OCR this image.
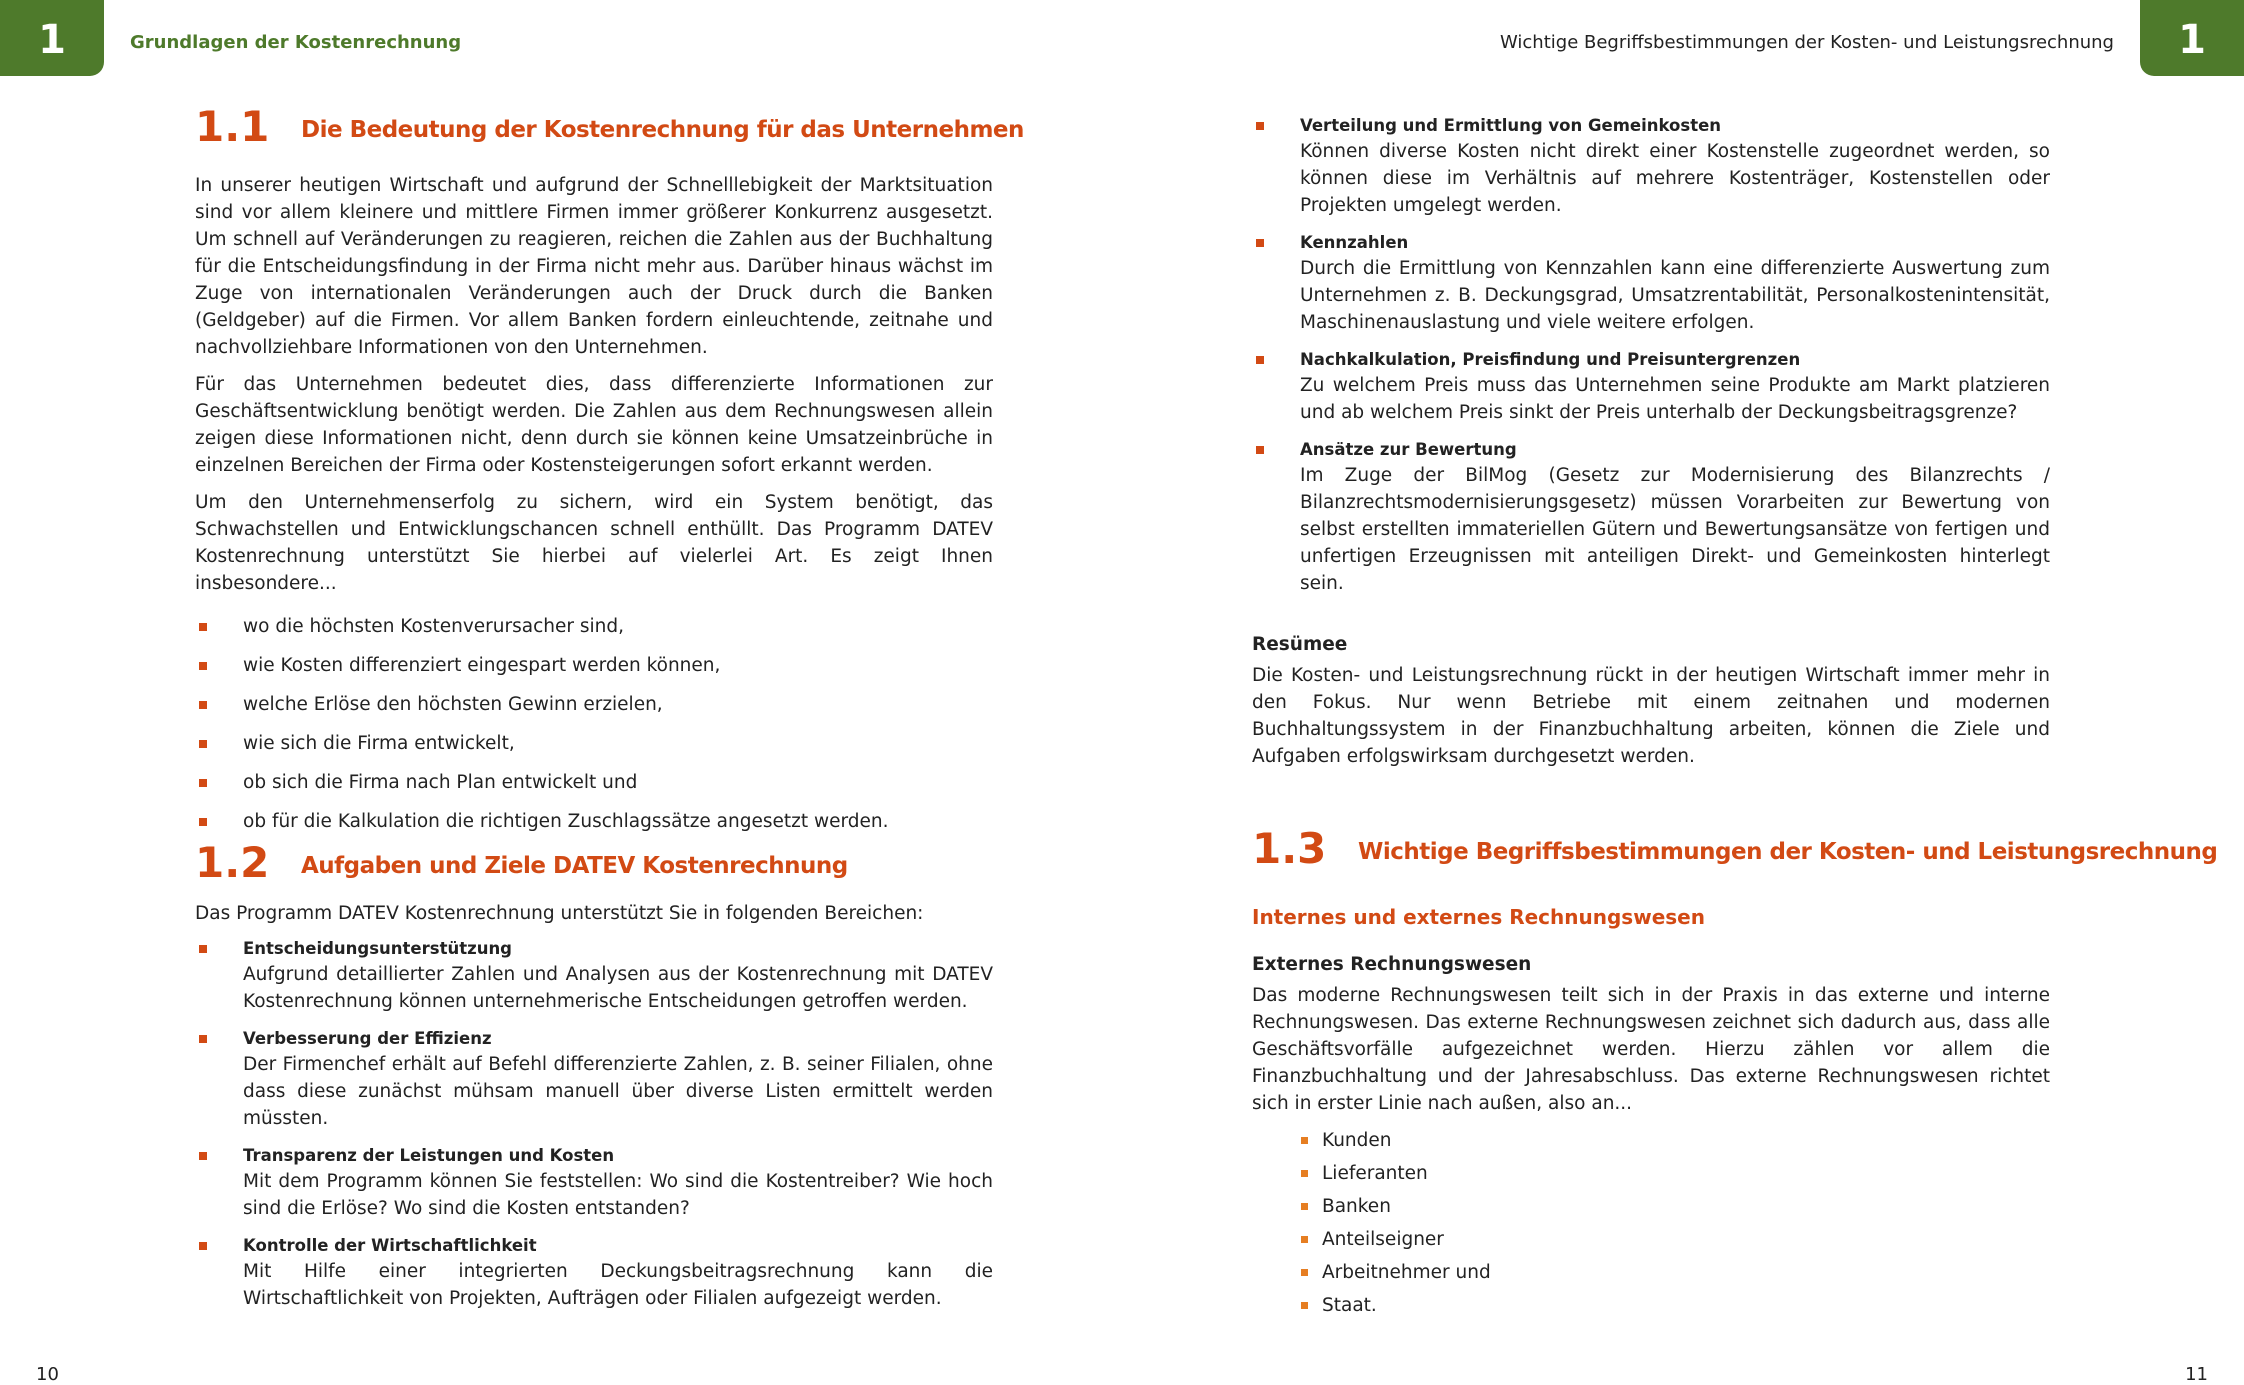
1	Grundlagen der Kostenrechnung	Wichtige Begriffsbestimmungen der Kosten- und Leistungsrechnung	1
1.1 Die Bedeutung der Kostenrechnung für das Unternehmen

In unserer heutigen Wirtschaft und aufgrund der Schnelllebigkeit der Marktsituation sind vor allem kleinere und mittlere Firmen immer größerer Konkurrenz ausgesetzt. Um schnell auf Veränderungen zu reagieren, reichen die Zahlen aus der Buchhaltung für die Entscheidungsfindung in der Firma nicht mehr aus. Darüber hinaus wächst im Zuge von internationalen Veränderungen auch der Druck durch die Banken (Geldgeber) auf die Firmen. Vor allem Banken fordern einleuchtende, zeitnahe und nachvollziehbare Informationen von den Unternehmen.

Für das Unternehmen bedeutet dies, dass differenzierte Informationen zur Geschäftsentwicklung benötigt werden. Die Zahlen aus dem Rechnungswesen allein zeigen diese Informationen nicht, denn durch sie können keine Umsatzeinbrüche in einzelnen Bereichen der Firma oder Kostensteigerungen sofort erkannt werden.

Um den Unternehmenserfolg zu sichern, wird ein System benötigt, das Schwachstellen und Entwicklungschancen schnell enthüllt. Das Programm DATEV Kostenrechnung unterstützt Sie hierbei auf vielerlei Art. Es zeigt Ihnen insbesondere...

wo die höchsten Kostenverursacher sind,
wie Kosten differenziert eingespart werden können,
welche Erlöse den höchsten Gewinn erzielen,
wie sich die Firma entwickelt,
ob sich die Firma nach Plan entwickelt und
ob für die Kalkulation die richtigen Zuschlagssätze angesetzt werden.
1.2 Aufgaben und Ziele DATEV Kostenrechnung

Das Programm DATEV Kostenrechnung unterstützt Sie in folgenden Bereichen:

Entscheidungsunterstützung
Aufgrund detaillierter Zahlen und Analysen aus der Kostenrechnung mit DATEV Kostenrechnung können unternehmerische Entscheidungen getroffen werden.
Verbesserung der Effizienz
Der Firmenchef erhält auf Befehl differenzierte Zahlen, z. B. seiner Filialen, ohne dass diese zunächst mühsam manuell über diverse Listen ermittelt werden müssten.
Transparenz der Leistungen und Kosten
Mit dem Programm können Sie feststellen: Wo sind die Kostentreiber? Wie hoch sind die Erlöse? Wo sind die Kosten entstanden?
Kontrolle der Wirtschaftlichkeit
Mit Hilfe einer integrierten Deckungsbeitragsrechnung kann die Wirtschaftlichkeit von Projekten, Aufträgen oder Filialen aufgezeigt werden.
Verteilung und Ermittlung von Gemeinkosten
Können diverse Kosten nicht direkt einer Kostenstelle zugeordnet werden, so können diese im Verhältnis auf mehrere Kostenträger, Kostenstellen oder Projekten umgelegt werden.
Kennzahlen
Durch die Ermittlung von Kennzahlen kann eine differenzierte Auswertung zum Unternehmen z. B. Deckungsgrad, Umsatzrentabilität, Personalkostenintensität, Maschinenauslastung und viele weitere erfolgen.
Nachkalkulation, Preisfindung und Preisuntergrenzen
Zu welchem Preis muss das Unternehmen seine Produkte am Markt platzieren und ab welchem Preis sinkt der Preis unterhalb der Deckungsbeitragsgrenze?
Ansätze zur Bewertung
Im Zuge der BilMog (Gesetz zur Modernisierung des Bilanzrechts / Bilanzrechtsmodernisierungsgesetz) müssen Vorarbeiten zur Bewertung von selbst erstellten immateriellen Gütern und Bewertungsansätze von fertigen und unfertigen Erzeugnissen mit anteiligen Direkt- und Gemeinkosten hinterlegt sein.
Resümee

Die Kosten- und Leistungsrechnung rückt in der heutigen Wirtschaft immer mehr in den Fokus. Nur wenn Betriebe mit einem zeitnahen und modernen Buchhaltungssystem in der Finanzbuchhaltung arbeiten, können die Ziele und Aufgaben erfolgswirksam durchgesetzt werden.

1.3 Wichtige Begriffsbestimmungen der Kosten- und Leistungsrechnung
Internes und externes Rechnungswesen
Externes Rechnungswesen

Das moderne Rechnungswesen teilt sich in der Praxis in das externe und interne Rechnungswesen. Das externe Rechnungswesen zeichnet sich dadurch aus, dass alle Geschäftsvorfälle aufgezeichnet werden. Hierzu zählen vor allem die Finanzbuchhaltung und der Jahresabschluss. Das externe Rechnungswesen richtet sich in erster Linie nach außen, also an...

Kunden
Lieferanten
Banken
Anteilseigner
Arbeitnehmer und
Staat.
10	11
